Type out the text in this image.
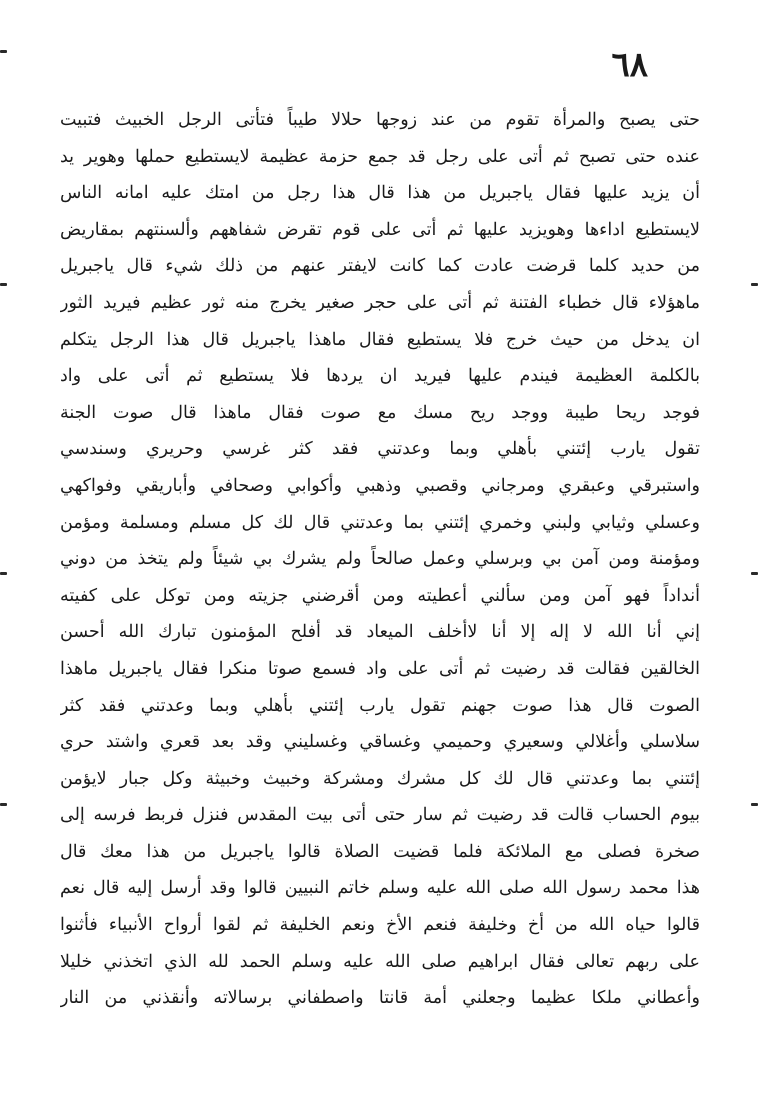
٦٨
حتى يصبح والمرأة تقوم من عند زوجها حلالا طيباً فتأتى الرجل الخبيث فتبيت
عنده حتى تصبح ثم أتى على رجل قد جمع حزمة عظيمة لايستطيع حملها وهوير يد
أن يزيد عليها فقال ياجبريل من هذا قال هذا رجل من امتك عليه امانه الناس
لايستطيع اداءها وهويزيد عليها ثم أتى على قوم تقرض شفاههم وألسنتهم بمقاريض
من حديد كلما قرضت عادت كما كانت لايفتر عنهم من ذلك شيء قال ياجبريل
ماهؤلاء قال خطباء الفتنة ثم أتى على حجر صغير يخرج منه ثور عظيم فيريد الثور
ان يدخل من حيث خرج فلا يستطيع فقال ماهذا ياجبريل قال هذا الرجل يتكلم
بالكلمة العظيمة فيندم عليها فيريد ان يردها فلا يستطيع ثم أتى على واد
فوجد ريحا طيبة ووجد ريح مسك مع صوت فقال ماهذا قال صوت الجنة
تقول يارب إئتني بأهلي وبما وعدتني فقد كثر غرسي وحريري وسندسي
واستبرقي وعبقري ومرجاني وقصبي وذهبي وأكوابي وصحافي وأباريقي وفواكهي
وعسلي وثيابي ولبني وخمري إئتني بما وعدتني قال لك كل مسلم ومسلمة ومؤمن
ومؤمنة ومن آمن بي وبرسلي وعمل صالحاً ولم يشرك بي شيئاً ولم يتخذ من دوني
أنداداً فهو آمن ومن سألني أعطيته ومن أقرضني جزيته ومن توكل على كفيته
إني أنا الله لا إله إلا أنا لاأخلف الميعاد قد أفلح المؤمنون تبارك الله أحسن
الخالقين فقالت قد رضيت ثم أتى على واد فسمع صوتا منكرا فقال ياجبريل ماهذا
الصوت قال هذا صوت جهنم تقول يارب إئتني بأهلي وبما وعدتني فقد كثر
سلاسلي وأغلالي وسعيري وحميمي وغساقي وغسليني وقد بعد قعري واشتد حري
إئتني بما وعدتني قال لك كل مشرك ومشركة وخبيث وخبيثة وكل جبار لايؤمن
بيوم الحساب قالت قد رضيت ثم سار حتى أتى بيت المقدس فنزل فربط فرسه إلى
صخرة فصلى مع الملائكة فلما قضيت الصلاة قالوا ياجبريل من هذا معك قال
هذا محمد رسول الله صلى الله عليه وسلم خاتم النبيين قالوا وقد أرسل إليه قال نعم
قالوا حياه الله من أخ وخليفة فنعم الأخ ونعم الخليفة ثم لقوا أرواح الأنبياء فأثنوا
على ربهم تعالى فقال ابراهيم صلى الله عليه وسلم الحمد لله الذي اتخذني خليلا
وأعطاني ملكا عظيما وجعلني أمة قانتا واصطفاني برسالاته وأنقذني من النار
